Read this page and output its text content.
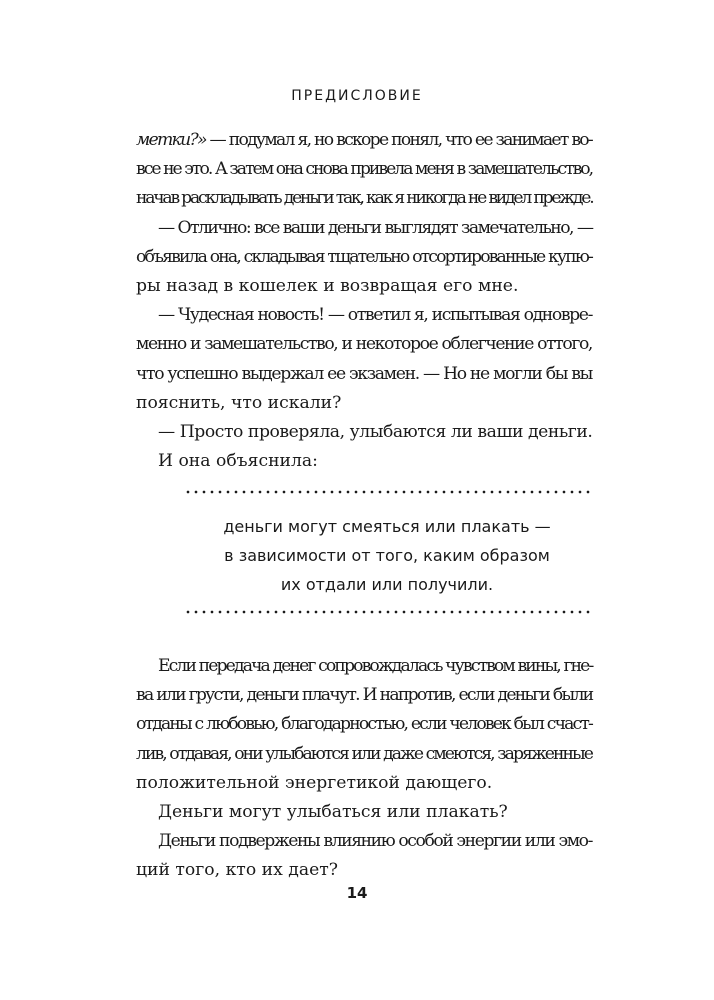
ПРЕДИСЛОВИЕ
метки?» — подумал я, но вскоре понял, что ее занимает во-
все не это. А затем она снова привела меня в замешательство,
начав раскладывать деньги так, как я никогда не видел прежде.
— Отлично: все ваши деньги выглядят замечательно, —
объявила она, складывая тщательно отсортированные купю-
ры назад в кошелек и возвращая его мне.
— Чудесная новость! — ответил я, испытывая одновре-
менно и замешательство, и некоторое облегчение оттого,
что успешно выдержал ее экзамен. — Но не могли бы вы
пояснить, что искали?
— Просто проверяла, улыбаются ли ваши деньги.
И она объяснила:
деньги могут смеяться или плакать —
в зависимости от того, каким образом
их отдали или получили.
Если передача денег сопровождалась чувством вины, гне-
ва или грусти, деньги плачут. И напротив, если деньги были
отданы с любовью, благодарностью, если человек был счаст-
лив, отдавая, они улыбаются или даже смеются, заряженные
положительной энергетикой дающего.
Деньги могут улыбаться или плакать?
Деньги подвержены влиянию особой энергии или эмо-
ций того, кто их дает?
14
